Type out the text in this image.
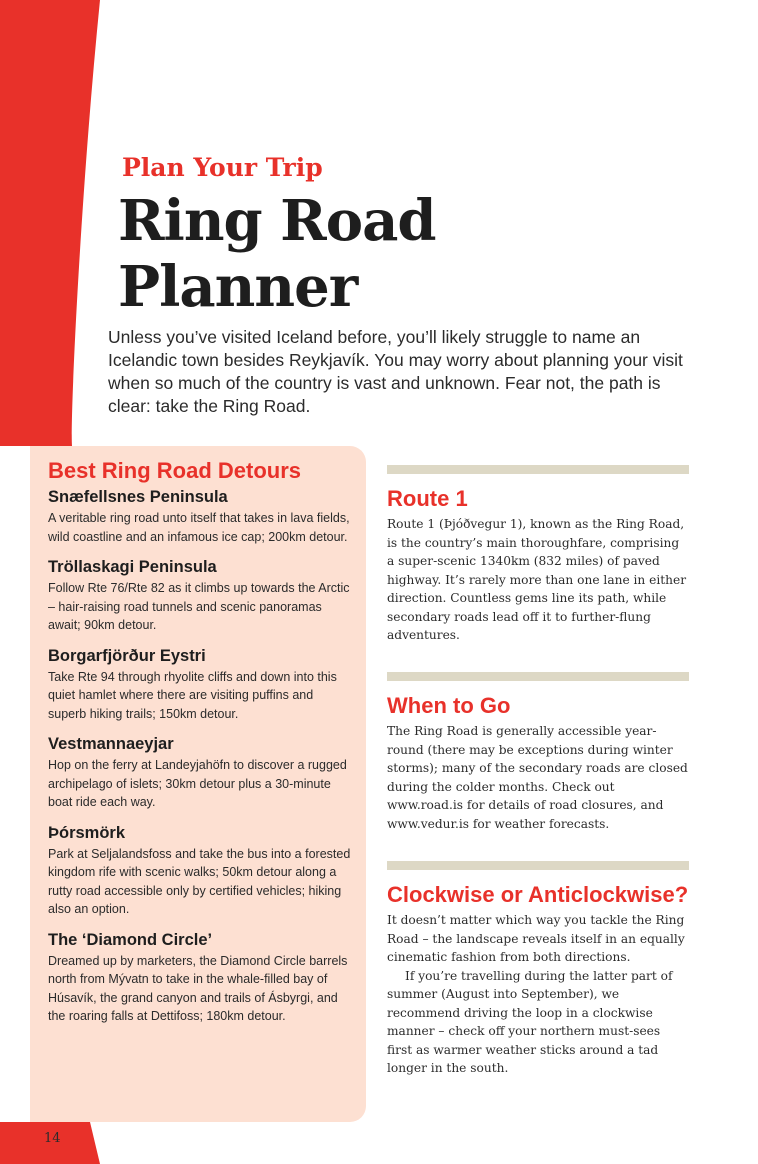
Plan Your Trip
Ring Road
Planner

Unless you’ve visited Iceland before, you’ll likely struggle to name an Icelandic town besides Reykjavík. You may worry about planning your visit when so much of the country is vast and unknown. Fear not, the path is clear: take the Ring Road.

Best Ring Road Detours
Snæfellsnes Peninsula

A veritable ring road unto itself that takes in lava fields, wild coastline and an infamous ice cap; 200km detour.

Tröllaskagi Peninsula

Follow Rte 76/Rte 82 as it climbs up towards the Arctic – hair-raising road tunnels and scenic panoramas await; 90km detour.

Borgarfjörður Eystri

Take Rte 94 through rhyolite cliffs and down into this quiet hamlet where there are visiting puffins and superb hiking trails; 150km detour.

Vestmannaeyjar

Hop on the ferry at Landeyjahöfn to discover a rugged archipelago of islets; 30km detour plus a 30-minute boat ride each way.

Þórsmörk

Park at Seljalandsfoss and take the bus into a forested kingdom rife with scenic walks; 50km detour along a rutty road accessible only by certified vehicles; hiking also an option.

The ‘Diamond Circle’

Dreamed up by marketers, the Diamond Circle barrels north from Mývatn to take in the whale-filled bay of Húsavík, the grand canyon and trails of Ásbyrgi, and the roaring falls at Dettifoss; 180km detour.

Route 1

Route 1 (Þjóðvegur 1), known as the Ring Road, is the country’s main thoroughfare, comprising a super-scenic 1340km (832 miles) of paved highway. It’s rarely more than one lane in either direction. Countless gems line its path, while secondary roads lead off it to further-flung adventures.

When to Go

The Ring Road is generally accessible year-round (there may be exceptions during winter storms); many of the secondary roads are closed during the colder months. Check out www.road.is for details of road closures, and www.vedur.is for weather forecasts.

Clockwise or Anticlockwise?

It doesn’t matter which way you tackle the Ring Road – the landscape reveals itself in an equally cinematic fashion from both directions.

If you’re travelling during the latter part of summer (August into September), we recommend driving the loop in a clockwise manner – check off your northern must-sees first as warmer weather sticks around a tad longer in the south.

14
